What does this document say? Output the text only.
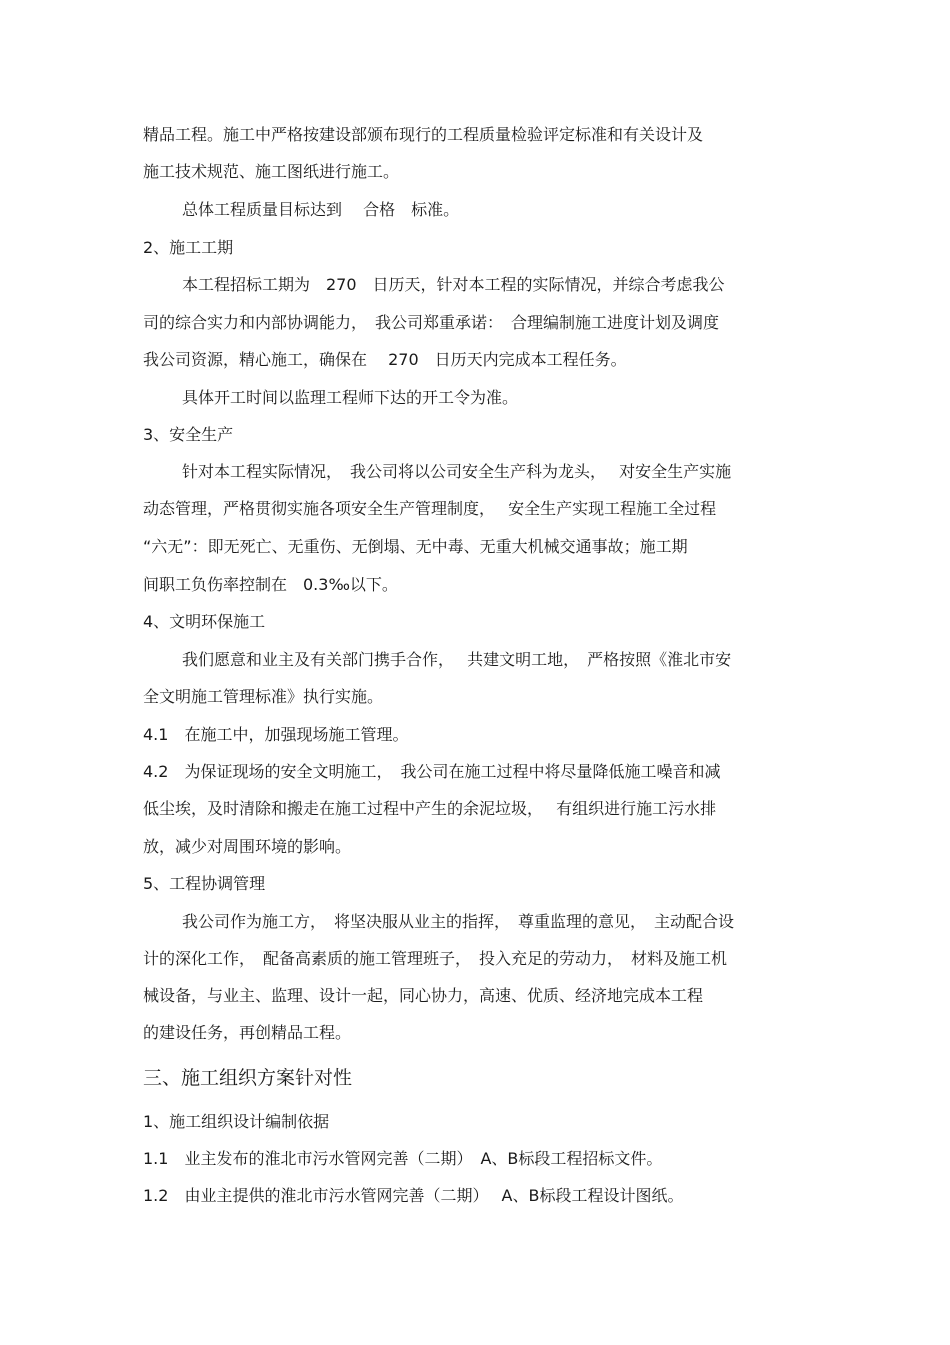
精品工程。施工中严格按建设部颁布现行的工程质量检验评定标准和有关设计及
施工技术规范、施工图纸进行施工。
总体工程质量目标达到　 合格　标准。
2、施工工期
本工程招标工期为　270　日历天，针对本工程的实际情况，并综合考虑我公
司的综合实力和内部协调能力，　我公司郑重承诺：　合理编制施工进度计划及调度
我公司资源，精心施工，确保在　 270　日历天内完成本工程任务。
具体开工时间以监理工程师下达的开工令为准。
3、安全生产
针对本工程实际情况，　我公司将以公司安全生产科为龙头，　 对安全生产实施
动态管理，严格贯彻实施各项安全生产管理制度，　 安全生产实现工程施工全过程
“六无”：即无死亡、无重伤、无倒塌、无中毒、无重大机械交通事故；施工期
间职工负伤率控制在　0.3‰以下。
4、文明环保施工
我们愿意和业主及有关部门携手合作，　 共建文明工地，　严格按照《淮北市安
全文明施工管理标准》执行实施。
4.1　在施工中，加强现场施工管理。
4.2　为保证现场的安全文明施工，　我公司在施工过程中将尽量降低施工噪音和减
低尘埃，及时清除和搬走在施工过程中产生的余泥垃圾，　 有组织进行施工污水排
放，减少对周围环境的影响。
5、工程协调管理
我公司作为施工方，　将坚决服从业主的指挥，　尊重监理的意见，　主动配合设
计的深化工作，　配备高素质的施工管理班子，　投入充足的劳动力，　材料及施工机
械设备，与业主、监理、设计一起，同心协力，高速、优质、经济地完成本工程
的建设任务，再创精品工程。
三、施工组织方案针对性
1、施工组织设计编制依据
1.1　业主发布的淮北市污水管网完善（二期）　A、B标段工程招标文件。
1.2　由业主提供的淮北市污水管网完善（二期）　 A、B标段工程设计图纸。
